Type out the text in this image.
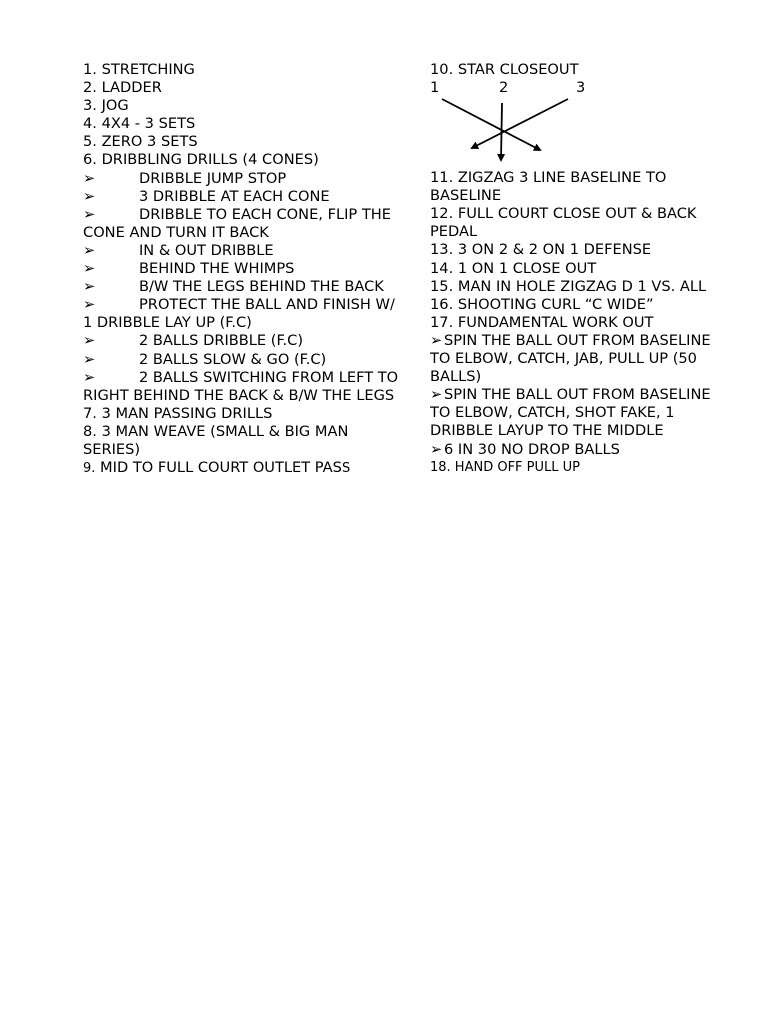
1. STRETCHING
2. LADDER
3. JOG
4. 4X4 - 3 SETS
5. ZERO 3 SETS
6. DRIBBLING DRILLS (4 CONES)
➢	DRIBBLE JUMP STOP
➢	3 DRIBBLE AT EACH CONE
➢	DRIBBLE TO EACH CONE, FLIP THE CONE AND TURN IT BACK
➢	IN & OUT DRIBBLE
➢	BEHIND THE WHIMPS
➢	B/W THE LEGS BEHIND THE BACK
➢	PROTECT THE BALL AND FINISH W/ 1 DRIBBLE LAY UP (F.C)
➢	2 BALLS DRIBBLE (F.C)
➢	2 BALLS SLOW & GO (F.C)
➢	2 BALLS SWITCHING FROM LEFT TO RIGHT BEHIND THE BACK & B/W THE LEGS
7. 3 MAN PASSING DRILLS
8. 3 MAN WEAVE (SMALL & BIG MAN SERIES)
9. MID TO FULL COURT OUTLET PASS
10. STAR CLOSEOUT
1	2	3
11. ZIGZAG 3 LINE BASELINE TO BASELINE
12. FULL COURT CLOSE OUT & BACK PEDAL
13. 3 ON 2 & 2 ON 1 DEFENSE
14. 1 ON 1 CLOSE OUT
15. MAN IN HOLE ZIGZAG D 1 VS. ALL
16. SHOOTING CURL “C WIDE”
17. FUNDAMENTAL WORK OUT
➢ SPIN THE BALL OUT FROM BASELINE TO ELBOW, CATCH, JAB, PULL UP (50 BALLS)
➢ SPIN THE BALL OUT FROM BASELINE TO ELBOW, CATCH, SHOT FAKE, 1 DRIBBLE LAYUP TO THE MIDDLE
➢ 6 IN 30 NO DROP BALLS
18. HAND OFF PULL UP
